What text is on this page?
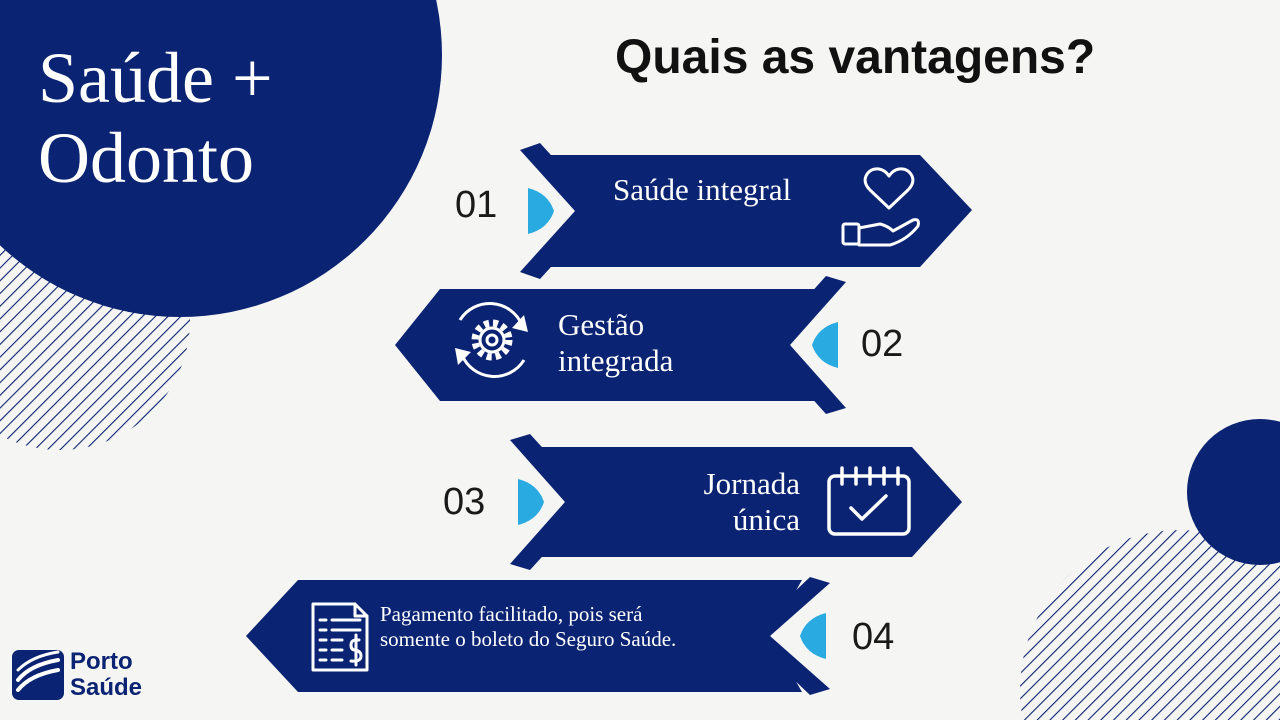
Saúde +
Odonto
Quais as vantagens?
01	Saúde integral
02
Gestão
integrada
03	Jornada
única
04
Pagamento facilitado, pois será
somente o boleto do Seguro Saúde.
Porto
Saúde
